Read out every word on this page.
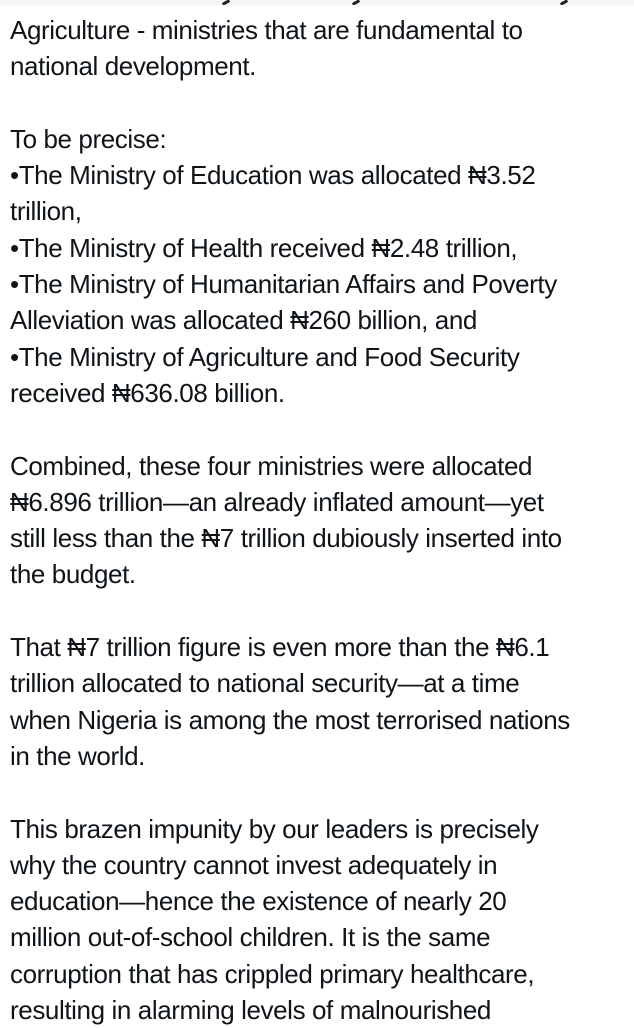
Agriculture - ministries that are fundamental to
national development.

To be precise:
•The Ministry of Education was allocated ₦3.52
trillion,
•The Ministry of Health received ₦2.48 trillion,
•The Ministry of Humanitarian Affairs and Poverty
Alleviation was allocated ₦260 billion, and
•The Ministry of Agriculture and Food Security
received ₦636.08 billion.

Combined, these four ministries were allocated
₦6.896 trillion—an already inflated amount—yet
still less than the ₦7 trillion dubiously inserted into
the budget.

That ₦7 trillion figure is even more than the ₦6.1
trillion allocated to national security—at a time
when Nigeria is among the most terrorised nations
in the world.

This brazen impunity by our leaders is precisely
why the country cannot invest adequately in
education—hence the existence of nearly 20
million out-of-school children. It is the same
corruption that has crippled primary healthcare,
resulting in alarming levels of malnourished
